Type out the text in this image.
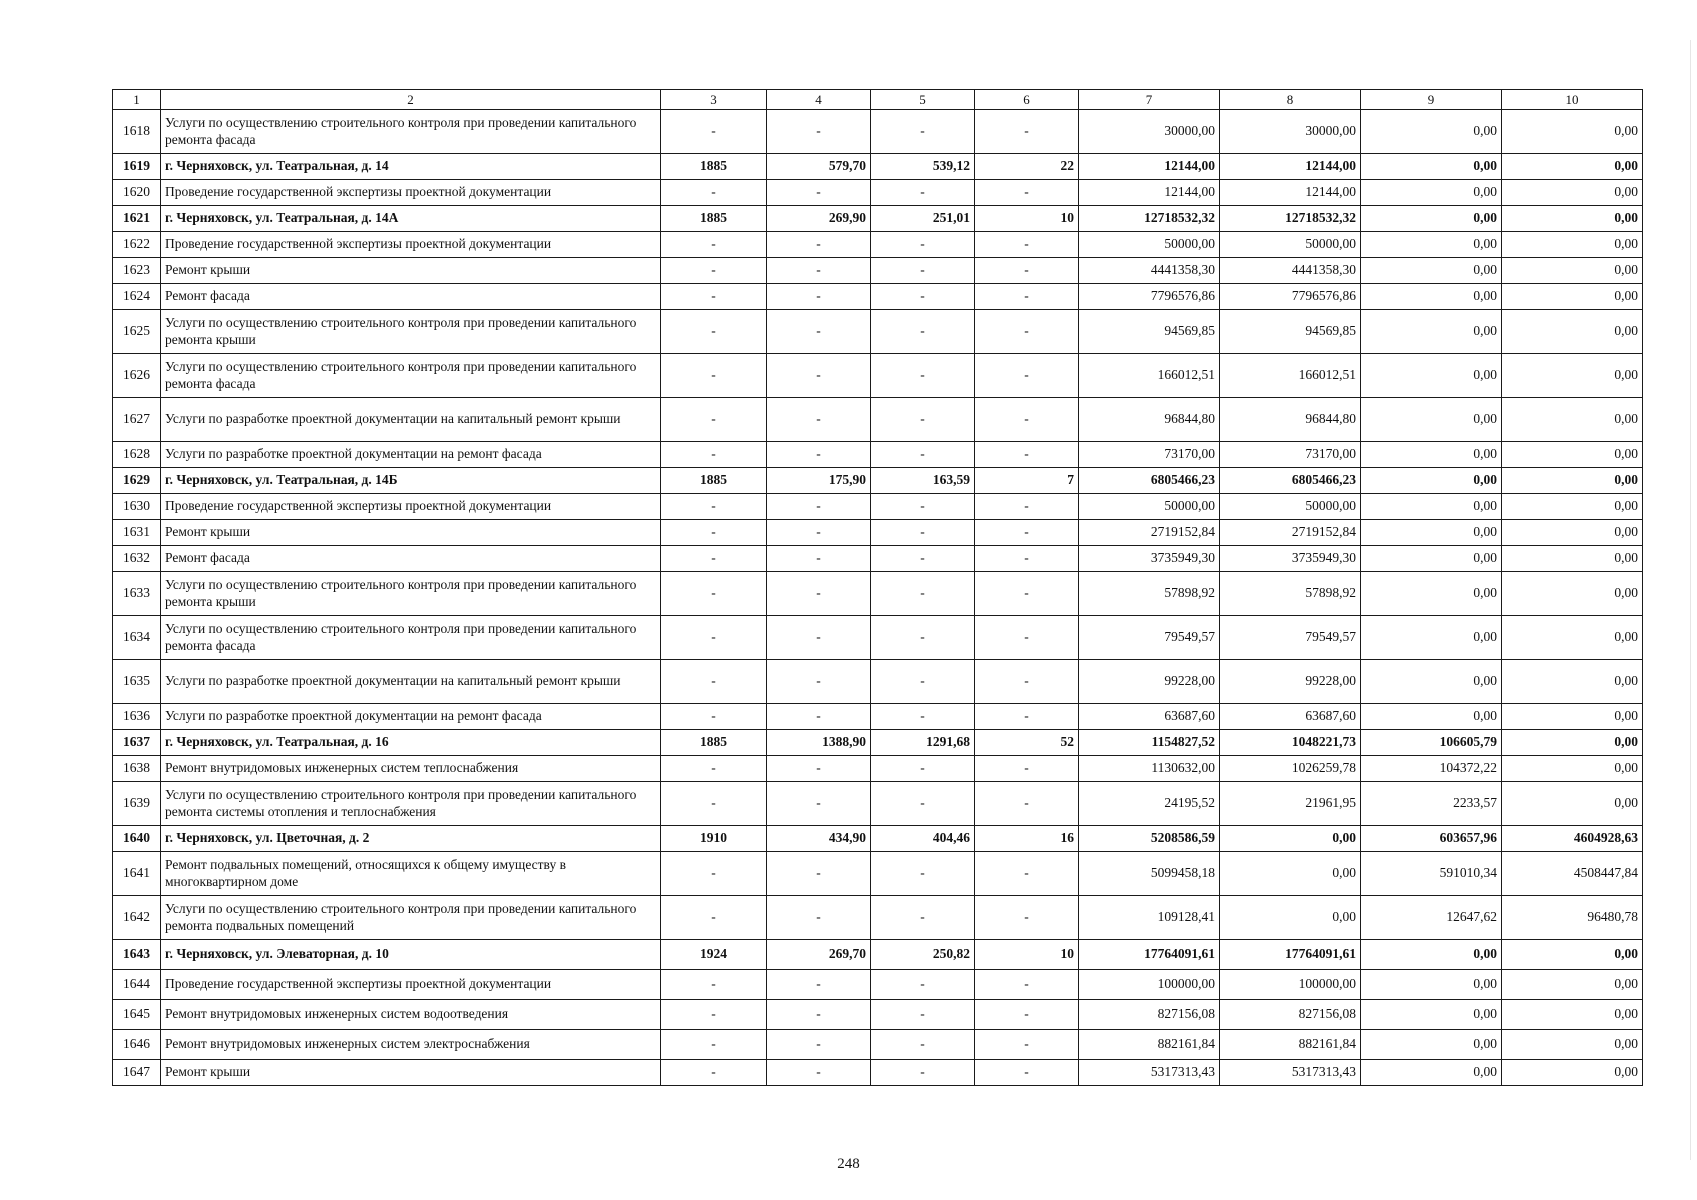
1	2	3	4	5	6	7	8	9	10
1618	Услуги по осуществлению строительного контроля при проведении капитального ремонта фасада	-	-	-	-	30000,00	30000,00	0,00	0,00
1619	г. Черняховск, ул. Театральная, д. 14	1885	579,70	539,12	22	12144,00	12144,00	0,00	0,00
1620	Проведение государственной экспертизы проектной документации	-	-	-	-	12144,00	12144,00	0,00	0,00
1621	г. Черняховск, ул. Театральная, д. 14А	1885	269,90	251,01	10	12718532,32	12718532,32	0,00	0,00
1622	Проведение государственной экспертизы проектной документации	-	-	-	-	50000,00	50000,00	0,00	0,00
1623	Ремонт крыши	-	-	-	-	4441358,30	4441358,30	0,00	0,00
1624	Ремонт фасада	-	-	-	-	7796576,86	7796576,86	0,00	0,00
1625	Услуги по осуществлению строительного контроля при проведении капитального ремонта крыши	-	-	-	-	94569,85	94569,85	0,00	0,00
1626	Услуги по осуществлению строительного контроля при проведении капитального ремонта фасада	-	-	-	-	166012,51	166012,51	0,00	0,00
1627	Услуги по разработке проектной документации на капитальный ремонт крыши	-	-	-	-	96844,80	96844,80	0,00	0,00
1628	Услуги по разработке проектной документации на ремонт фасада	-	-	-	-	73170,00	73170,00	0,00	0,00
1629	г. Черняховск, ул. Театральная, д. 14Б	1885	175,90	163,59	7	6805466,23	6805466,23	0,00	0,00
1630	Проведение государственной экспертизы проектной документации	-	-	-	-	50000,00	50000,00	0,00	0,00
1631	Ремонт крыши	-	-	-	-	2719152,84	2719152,84	0,00	0,00
1632	Ремонт фасада	-	-	-	-	3735949,30	3735949,30	0,00	0,00
1633	Услуги по осуществлению строительного контроля при проведении капитального ремонта крыши	-	-	-	-	57898,92	57898,92	0,00	0,00
1634	Услуги по осуществлению строительного контроля при проведении капитального ремонта фасада	-	-	-	-	79549,57	79549,57	0,00	0,00
1635	Услуги по разработке проектной документации на капитальный ремонт крыши	-	-	-	-	99228,00	99228,00	0,00	0,00
1636	Услуги по разработке проектной документации на ремонт фасада	-	-	-	-	63687,60	63687,60	0,00	0,00
1637	г. Черняховск, ул. Театральная, д. 16	1885	1388,90	1291,68	52	1154827,52	1048221,73	106605,79	0,00
1638	Ремонт внутридомовых инженерных систем теплоснабжения	-	-	-	-	1130632,00	1026259,78	104372,22	0,00
1639	Услуги по осуществлению строительного контроля при проведении капитального ремонта системы отопления и теплоснабжения	-	-	-	-	24195,52	21961,95	2233,57	0,00
1640	г. Черняховск, ул. Цветочная, д. 2	1910	434,90	404,46	16	5208586,59	0,00	603657,96	4604928,63
1641	Ремонт подвальных помещений, относящихся к общему имуществу в многоквартирном доме	-	-	-	-	5099458,18	0,00	591010,34	4508447,84
1642	Услуги по осуществлению строительного контроля при проведении капитального ремонта подвальных помещений	-	-	-	-	109128,41	0,00	12647,62	96480,78
1643	г. Черняховск, ул. Элеваторная, д. 10	1924	269,70	250,82	10	17764091,61	17764091,61	0,00	0,00
1644	Проведение государственной экспертизы проектной документации	-	-	-	-	100000,00	100000,00	0,00	0,00
1645	Ремонт внутридомовых инженерных систем водоотведения	-	-	-	-	827156,08	827156,08	0,00	0,00
1646	Ремонт внутридомовых инженерных систем электроснабжения	-	-	-	-	882161,84	882161,84	0,00	0,00
1647	Ремонт крыши	-	-	-	-	5317313,43	5317313,43	0,00	0,00
248
